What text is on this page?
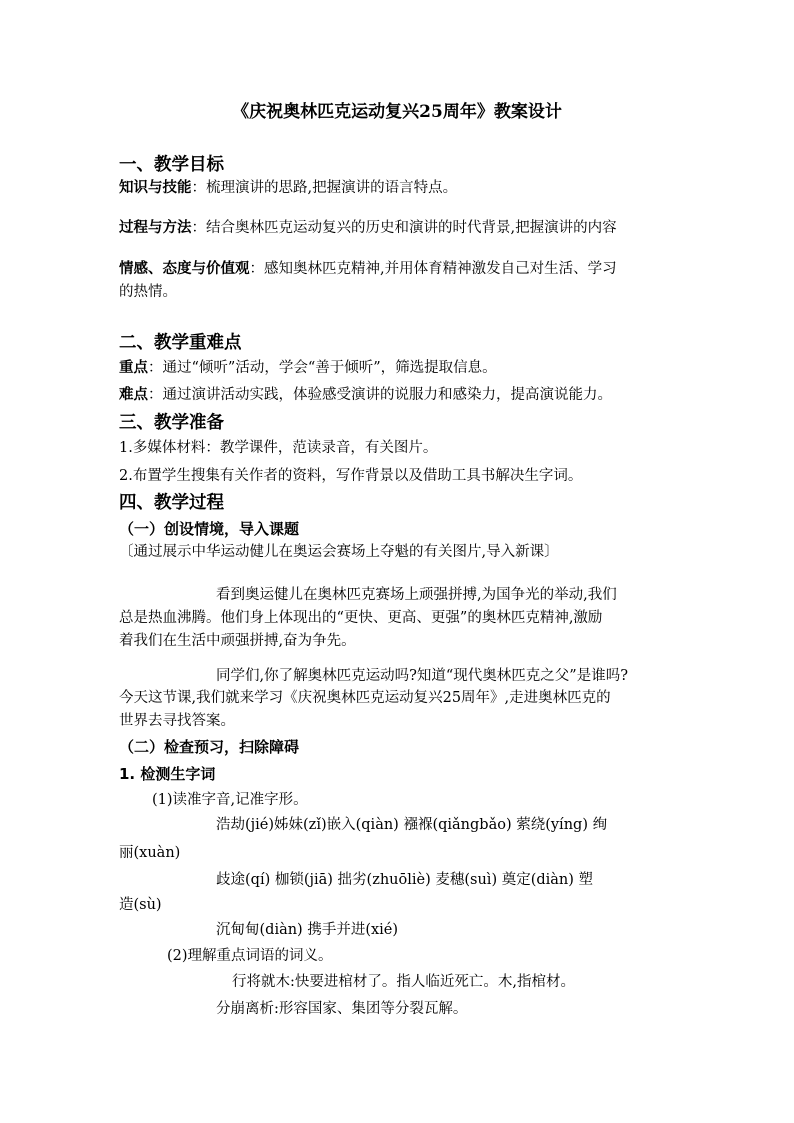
《庆祝奥林匹克运动复兴25周年》教案设计
一、教学目标
知识与技能：梳理演讲的思路,把握演讲的语言特点。
过程与方法：结合奥林匹克运动复兴的历史和演讲的时代背景,把握演讲的内容
情感、态度与价值观：感知奥林匹克精神,并用体育精神激发自己对生活、学习
的热情。
二、教学重难点
重点：通过“倾听”活动，学会“善于倾听”，筛选提取信息。
难点：通过演讲活动实践，体验感受演讲的说服力和感染力，提高演说能力。
三、教学准备
1.多媒体材料：教学课件，范读录音，有关图片。
2.布置学生搜集有关作者的资料，写作背景以及借助工具书解决生字词。
四、教学过程
（一）创设情境，导入课题
〔通过展示中华运动健儿在奥运会赛场上夺魁的有关图片,导入新课〕
看到奥运健儿在奥林匹克赛场上顽强拼搏,为国争光的举动,我们
总是热血沸腾。他们身上体现出的“更快、更高、更强”的奥林匹克精神,激励
着我们在生活中顽强拼搏,奋为争先。
同学们,你了解奥林匹克运动吗?知道“现代奥林匹克之父”是谁吗?
今天这节课,我们就来学习《庆祝奥林匹克运动复兴25周年》,走进奥林匹克的
世界去寻找答案。
（二）检查预习，扫除障碍
1. 检测生字词
(1)读准字音,记准字形。
浩劫(jié)姊妹(zǐ)嵌入(qiàn) 襁褓(qiǎngbǎo) 萦绕(yíng) 绚
丽(xuàn)
歧途(qí) 枷锁(jiā) 拙劣(zhuōliè) 麦穗(suì) 奠定(diàn) 塑
造(sù)
沉甸甸(diàn) 携手并进(xié)
(2)理解重点词语的词义。
行将就木:快要进棺材了。指人临近死亡。木,指棺材。
分崩离析:形容国家、集团等分裂瓦解。
